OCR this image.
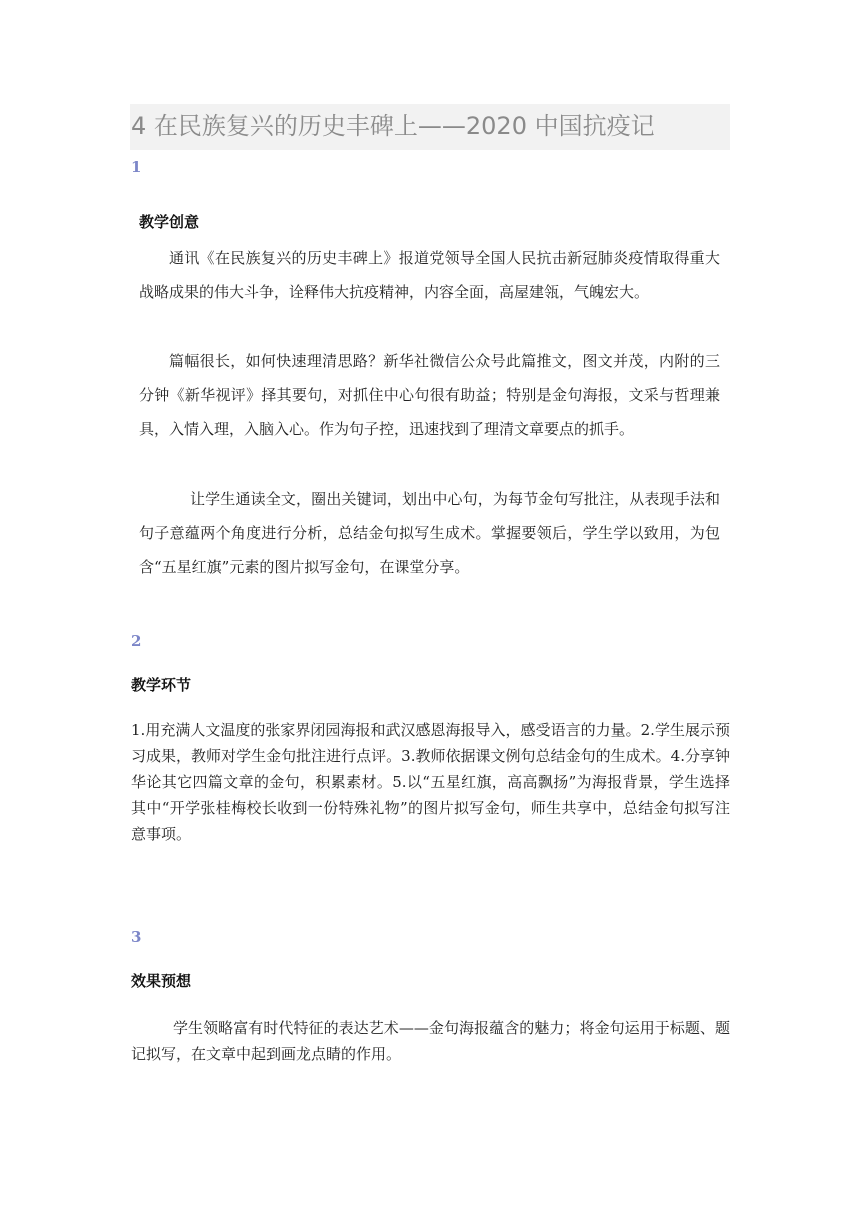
4 在民族复兴的历史丰碑上——2020 中国抗疫记
1
教学创意

通讯《在民族复兴的历史丰碑上》报道党领导全国人民抗击新冠肺炎疫情取得重大战略成果的伟大斗争，诠释伟大抗疫精神，内容全面，高屋建瓴，气魄宏大。

篇幅很长，如何快速理清思路？新华社微信公众号此篇推文，图文并茂，内附的三分钟《新华视评》择其要句，对抓住中心句很有助益；特别是金句海报，文采与哲理兼具，入情入理，入脑入心。作为句子控，迅速找到了理清文章要点的抓手。

让学生通读全文，圈出关键词，划出中心句，为每节金句写批注，从表现手法和句子意蕴两个角度进行分析，总结金句拟写生成术。掌握要领后，学生学以致用，为包含“五星红旗”元素的图片拟写金句，在课堂分享。

2
教学环节

1.用充满人文温度的张家界闭园海报和武汉感恩海报导入，感受语言的力量。2.学生展示预习成果，教师对学生金句批注进行点评。3.教师依据课文例句总结金句的生成术。4.分享钟华论其它四篇文章的金句，积累素材。5.以“五星红旗，高高飘扬”为海报背景，学生选择其中“开学张桂梅校长收到一份特殊礼物”的图片拟写金句，师生共享中，总结金句拟写注意事项。

3
效果预想

学生领略富有时代特征的表达艺术——金句海报蕴含的魅力；将金句运用于标题、题记拟写，在文章中起到画龙点睛的作用。
